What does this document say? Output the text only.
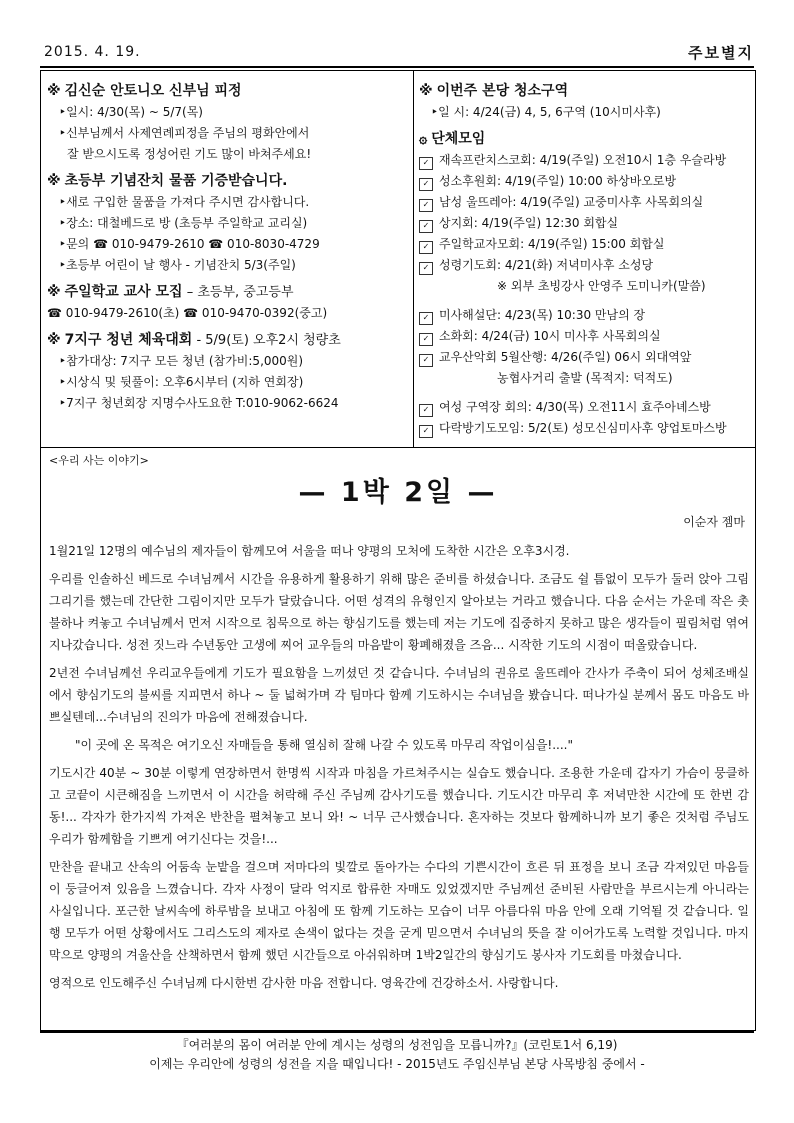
2015. 4. 19.	주보별지
※ 김신순 안토니오 신부님 피정
‣일시: 4/30(목) ~ 5/7(목)
‣신부님께서 사제연례피정을 주님의 평화안에서
잘 받으시도록 정성어린 기도 많이 바쳐주세요!
※ 초등부 기념잔치 물품 기증받습니다.
‣새로 구입한 물품을 가져다 주시면 감사합니다.
‣장소: 대철베드로 방 (초등부 주일학교 교리실)
‣문의 ☎ 010-9479-2610 ☎ 010-8030-4729
‣초등부 어린이 날 행사 - 기념잔치 5/3(주일)
※ 주일학교 교사 모집 – 초등부, 중고등부
☎ 010-9479-2610(초) ☎ 010-9470-0392(중고)
※ 7지구 청년 체육대회 - 5/9(토) 오후2시 청량초
‣참가대상: 7지구 모든 청년 (참가비:5,000원)
‣시상식 및 뒷풀이: 오후6시부터 (지하 연회장)
‣7지구 청년회장 지명수사도요한 T:010-9062-6624
※ 이번주 본당 청소구역
‣일 시: 4/24(금) 4, 5, 6구역 (10시미사후)
۞ 단체모임
✓ 재속프란치스코회: 4/19(주일) 오전10시 1층 우슬라방
✓ 성소후원회: 4/19(주일) 10:00 하상바오로방
✓ 남성 울뜨레아: 4/19(주일) 교중미사후 사목회의실
✓ 상지회: 4/19(주일) 12:30 회합실
✓ 주일학교자모회: 4/19(주일) 15:00 회합실
✓ 성령기도회: 4/21(화) 저녁미사후 소성당
※ 외부 초빙강사 안영주 도미니카(말씀)
✓ 미사해설단: 4/23(목) 10:30 만남의 장
✓ 소화회: 4/24(금) 10시 미사후 사목회의실
✓ 교우산악회 5월산행: 4/26(주일) 06시 외대역앞
농협사거리 출발 (목적지: 덕적도)
✓ 여성 구역장 회의: 4/30(목) 오전11시 효주아녜스방
✓ 다락방기도모임: 5/2(토) 성모신심미사후 양업토마스방
<우리 사는 이야기>
— 1박 2일 —
이순자 젬마

1월21일 12명의 예수님의 제자들이 함께모여 서울을 떠나 양평의 모처에 도착한 시간은 오후3시경.

우리를 인솔하신 베드로 수녀님께서 시간을 유용하게 활용하기 위해 많은 준비를 하셨습니다. 조금도 쉴 틈없이 모두가 둘러 앉아 그림 그리기를 했는데 간단한 그림이지만 모두가 달랐습니다. 어떤 성격의 유형인지 알아보는 거라고 했습니다. 다음 순서는 가운데 작은 촛불하나 켜놓고 수녀님께서 먼저 시작으로 침묵으로 하는 향심기도를 했는데 저는 기도에 집중하지 못하고 많은 생각들이 필림처럼 엮여 지나갔습니다. 성전 짓느라 수년동안 고생에 찌어 교우들의 마음밭이 황폐해졌을 즈음... 시작한 기도의 시점이 떠올랐습니다.

2년전 수녀님께선 우리교우들에게 기도가 필요함을 느끼셨던 것 같습니다. 수녀님의 권유로 울뜨레아 간사가 주축이 되어 성체조배실에서 향심기도의 불씨를 지피면서 하나 ~ 둘 넓혀가며 각 팀마다 함께 기도하시는 수녀님을 봤습니다. 떠나가실 분께서 몸도 마음도 바쁘실텐데...수녀님의 진의가 마음에 전해졌습니다.

"이 곳에 온 목적은 여기오신 자매들을 통해 열심히 잘해 나갈 수 있도록 마무리 작업이심을!...."

기도시간 40분 ~ 30분 이렇게 연장하면서 한명씩 시작과 마침을 가르쳐주시는 실습도 했습니다. 조용한 가운데 갑자기 가슴이 뭉클하고 코끝이 시큰해짐을 느끼면서 이 시간을 허락해 주신 주님께 감사기도를 했습니다. 기도시간 마무리 후 저녁만찬 시간에 또 한번 감동!... 각자가 한가지씩 가져온 반찬을 펼쳐놓고 보니 와! ~ 너무 근사했습니다. 혼자하는 것보다 함께하니까 보기 좋은 것처럼 주님도 우리가 함께함을 기쁘게 여기신다는 것을!...

만찬을 끝내고 산속의 어둠속 눈밭을 걸으며 저마다의 빛깔로 돌아가는 수다의 기쁜시간이 흐른 뒤 표정을 보니 조금 각져있던 마음들이 둥글어져 있음을 느꼈습니다. 각자 사정이 달라 억지로 합류한 자매도 있었겠지만 주님께선 준비된 사람만을 부르시는게 아니라는 사실입니다. 포근한 날씨속에 하루밤을 보내고 아침에 또 함께 기도하는 모습이 너무 아름다워 마음 안에 오래 기억될 것 같습니다. 일행 모두가 어떤 상황에서도 그리스도의 제자로 손색이 없다는 것을 굳게 믿으면서 수녀님의 뜻을 잘 이어가도록 노력할 것입니다. 마지막으로 양평의 겨울산을 산책하면서 함께 했던 시간들으로 아쉬워하며 1박2일간의 향심기도 봉사자 기도회를 마쳤습니다.

영적으로 인도해주신 수녀님께 다시한번 감사한 마음 전합니다. 영육간에 건강하소서. 사랑합니다.

『여러분의 몸이 여러분 안에 계시는 성령의 성전임을 모릅니까?』(코린토1서 6,19)
이제는 우리안에 성령의 성전을 지을 때입니다! - 2015년도 주임신부님 본당 사목방침 중에서 -
